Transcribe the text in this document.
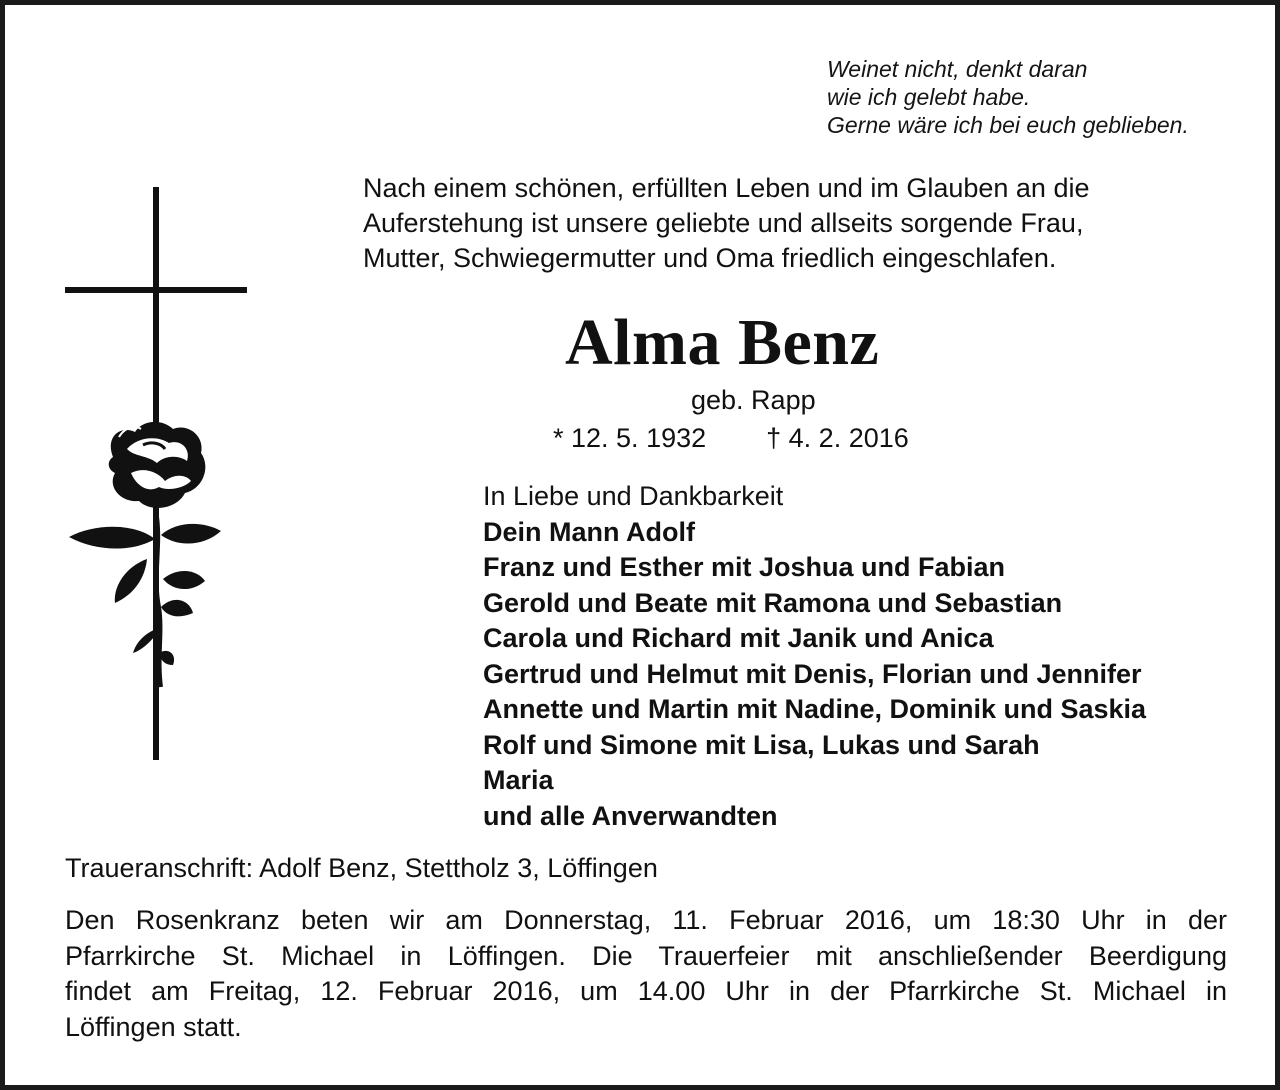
Weinet nicht, denkt daran
wie ich gelebt habe.
Gerne wäre ich bei euch geblieben.
Nach einem schönen, erfüllten Leben und im Glauben an die
Auferstehung ist unsere geliebte und allseits sorgende Frau,
Mutter, Schwiegermutter und Oma friedlich eingeschlafen.
Alma Benz
geb. Rapp
* 12. 5. 1932 † 4. 2. 2016
In Liebe und Dankbarkeit
Dein Mann Adolf
Franz und Esther mit Joshua und Fabian
Gerold und Beate mit Ramona und Sebastian
Carola und Richard mit Janik und Anica
Gertrud und Helmut mit Denis, Florian und Jennifer
Annette und Martin mit Nadine, Dominik und Saskia
Rolf und Simone mit Lisa, Lukas und Sarah
Maria
und alle Anverwandten
Traueranschrift: Adolf Benz, Stettholz 3, Löffingen
Den Rosenkranz beten wir am Donnerstag, 11. Februar 2016, um 18:30 Uhr in der
Pfarrkirche St. Michael in Löffingen. Die Trauerfeier mit anschließender Beerdigung
findet am Freitag, 12. Februar 2016, um 14.00 Uhr in der Pfarrkirche St. Michael in
Löffingen statt.
